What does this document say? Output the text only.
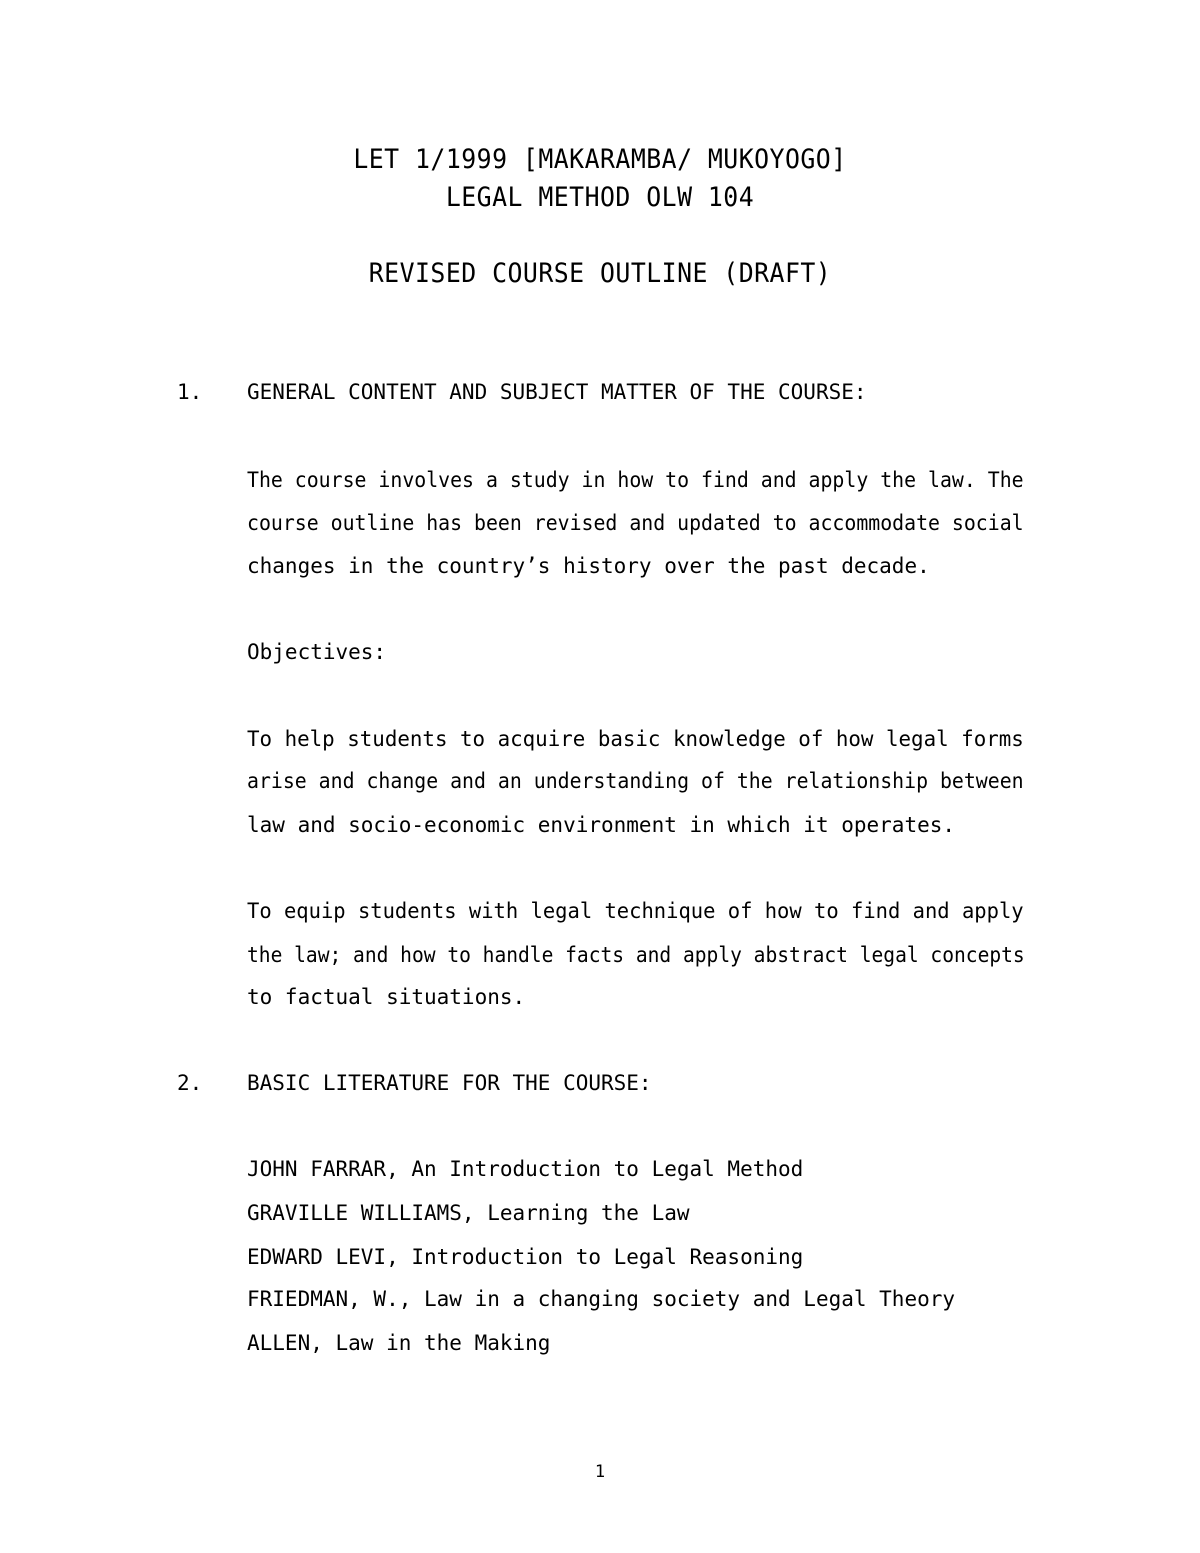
LET 1/1999 [MAKARAMBA/ MUKOYOGO]
LEGAL METHOD OLW 104
REVISED COURSE OUTLINE (DRAFT)
1. GENERAL CONTENT AND SUBJECT MATTER OF THE COURSE:
The course involves a study in how to find and apply the law. The
course outline has been revised and updated to accommodate social
changes in the country’s history over the past decade.
Objectives:
To help students to acquire basic knowledge of how legal forms
arise and change and an understanding of the relationship between
law and socio-economic environment in which it operates.
To equip students with legal technique of how to find and apply
the law; and how to handle facts and apply abstract legal concepts
to factual situations.
2. BASIC LITERATURE FOR THE COURSE:
JOHN FARRAR, An Introduction to Legal Method
GRAVILLE WILLIAMS, Learning the Law
EDWARD LEVI, Introduction to Legal Reasoning
FRIEDMAN, W., Law in a changing society and Legal Theory
ALLEN, Law in the Making
1
